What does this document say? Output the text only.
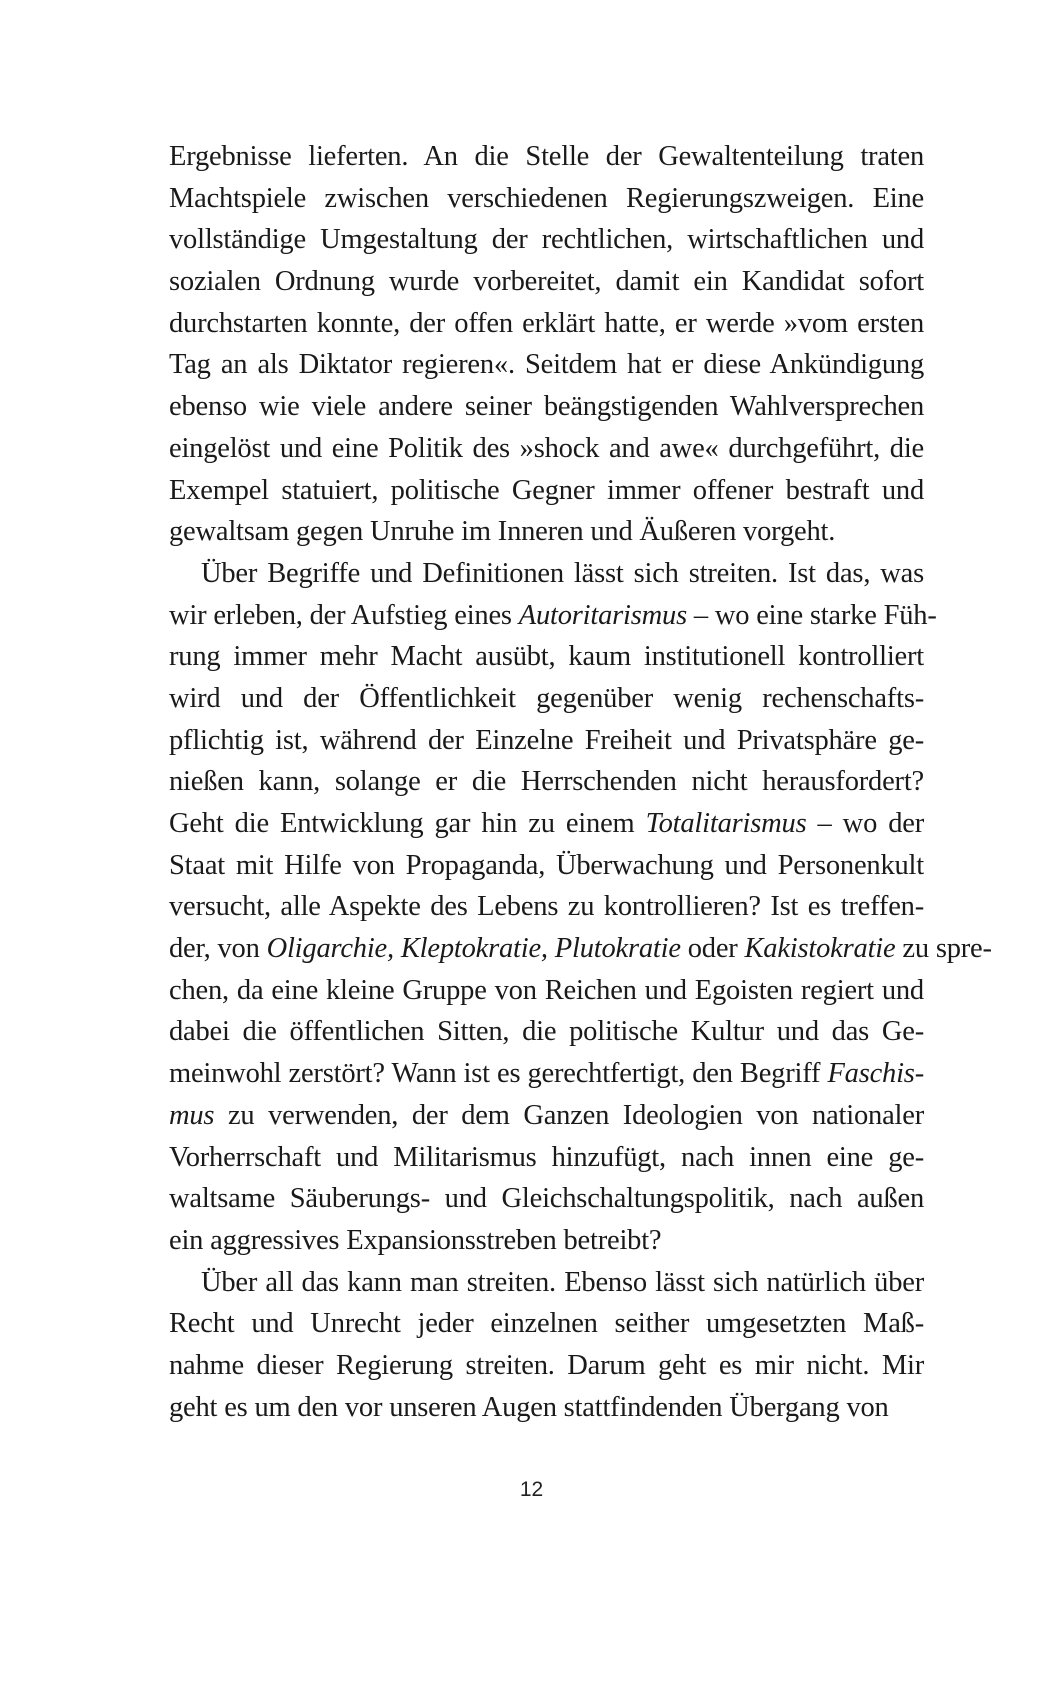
Ergebnisse lieferten. An die Stelle der Gewaltenteilung traten
Machtspiele zwischen verschiedenen Regierungszweigen. Eine
vollständige Umgestaltung der rechtlichen, wirtschaftlichen und
sozialen Ordnung wurde vorbereitet, damit ein Kandidat sofort
durchstarten konnte, der offen erklärt hatte, er werde »vom ersten
Tag an als Diktator regieren«. Seitdem hat er diese Ankündigung
ebenso wie viele andere seiner beängstigenden Wahlversprechen
eingelöst und eine Politik des »shock and awe« durchgeführt, die
Exempel statuiert, politische Gegner immer offener bestraft und
gewaltsam gegen Unruhe im Inneren und Äußeren vorgeht.
Über Begriffe und Definitionen lässt sich streiten. Ist das, was
wir erleben, der Aufstieg eines Autoritarismus – wo eine starke Füh-
rung immer mehr Macht ausübt, kaum institutionell kontrolliert
wird und der Öffentlichkeit gegenüber wenig rechenschafts-
pflichtig ist, während der Einzelne Freiheit und Privatsphäre ge-
nießen kann, solange er die Herrschenden nicht herausfordert?
Geht die Entwicklung gar hin zu einem Totalitarismus – wo der
Staat mit Hilfe von Propaganda, Überwachung und Personenkult
versucht, alle Aspekte des Lebens zu kontrollieren? Ist es treffen-
der, von Oligarchie, Kleptokratie, Plutokratie oder Kakistokratie zu spre-
chen, da eine kleine Gruppe von Reichen und Egoisten regiert und
dabei die öffentlichen Sitten, die politische Kultur und das Ge-
meinwohl zerstört? Wann ist es gerechtfertigt, den Begriff Faschis-
mus zu verwenden, der dem Ganzen Ideologien von nationaler
Vorherrschaft und Militarismus hinzufügt, nach innen eine ge-
waltsame Säuberungs- und Gleichschaltungspolitik, nach außen
ein aggressives Expansionsstreben betreibt?
Über all das kann man streiten. Ebenso lässt sich natürlich über
Recht und Unrecht jeder einzelnen seither umgesetzten Maß-
nahme dieser Regierung streiten. Darum geht es mir nicht. Mir
geht es um den vor unseren Augen stattfindenden Übergang von
12
